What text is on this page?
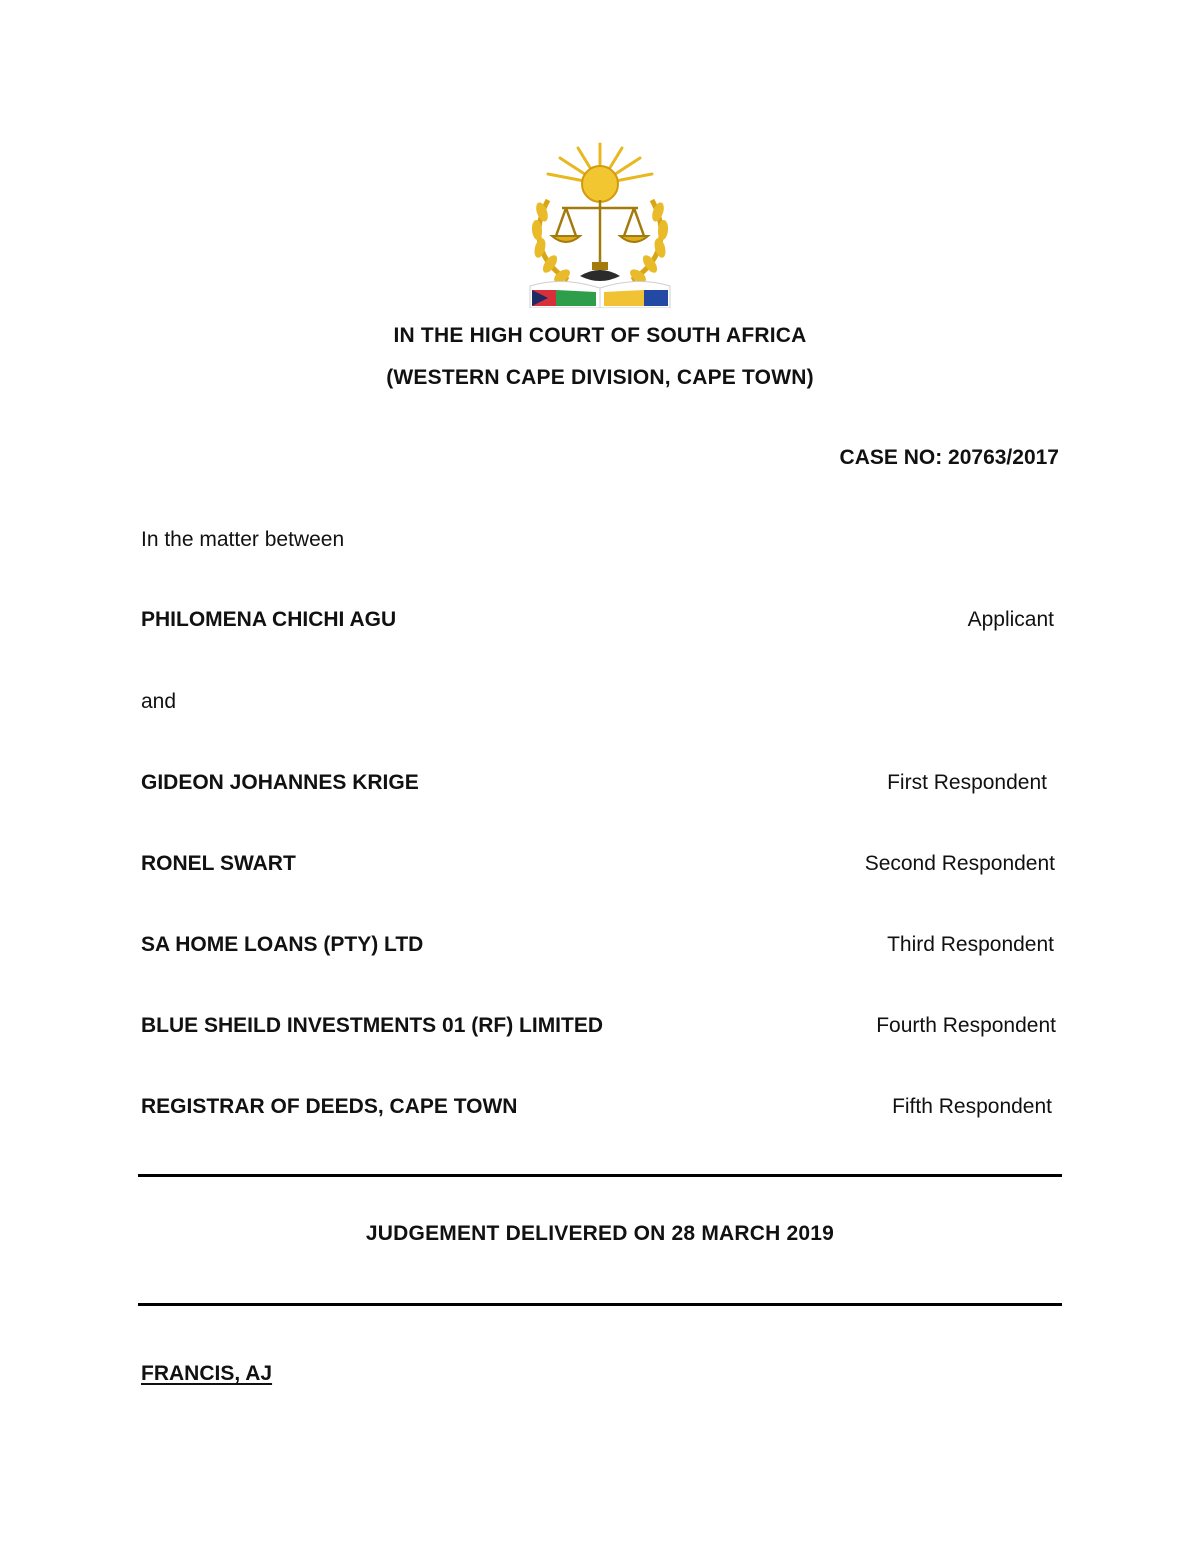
IN THE HIGH COURT OF SOUTH AFRICA
(WESTERN CAPE DIVISION, CAPE TOWN)
CASE NO: 20763/2017
In the matter between
PHILOMENA CHICHI AGU	Applicant
and
GIDEON JOHANNES KRIGE	First Respondent
RONEL SWART	Second Respondent
SA HOME LOANS (PTY) LTD	Third Respondent
BLUE SHEILD INVESTMENTS 01 (RF) LIMITED	Fourth Respondent
REGISTRAR OF DEEDS, CAPE TOWN	Fifth Respondent
JUDGEMENT DELIVERED ON 28 MARCH 2019
FRANCIS, AJ
